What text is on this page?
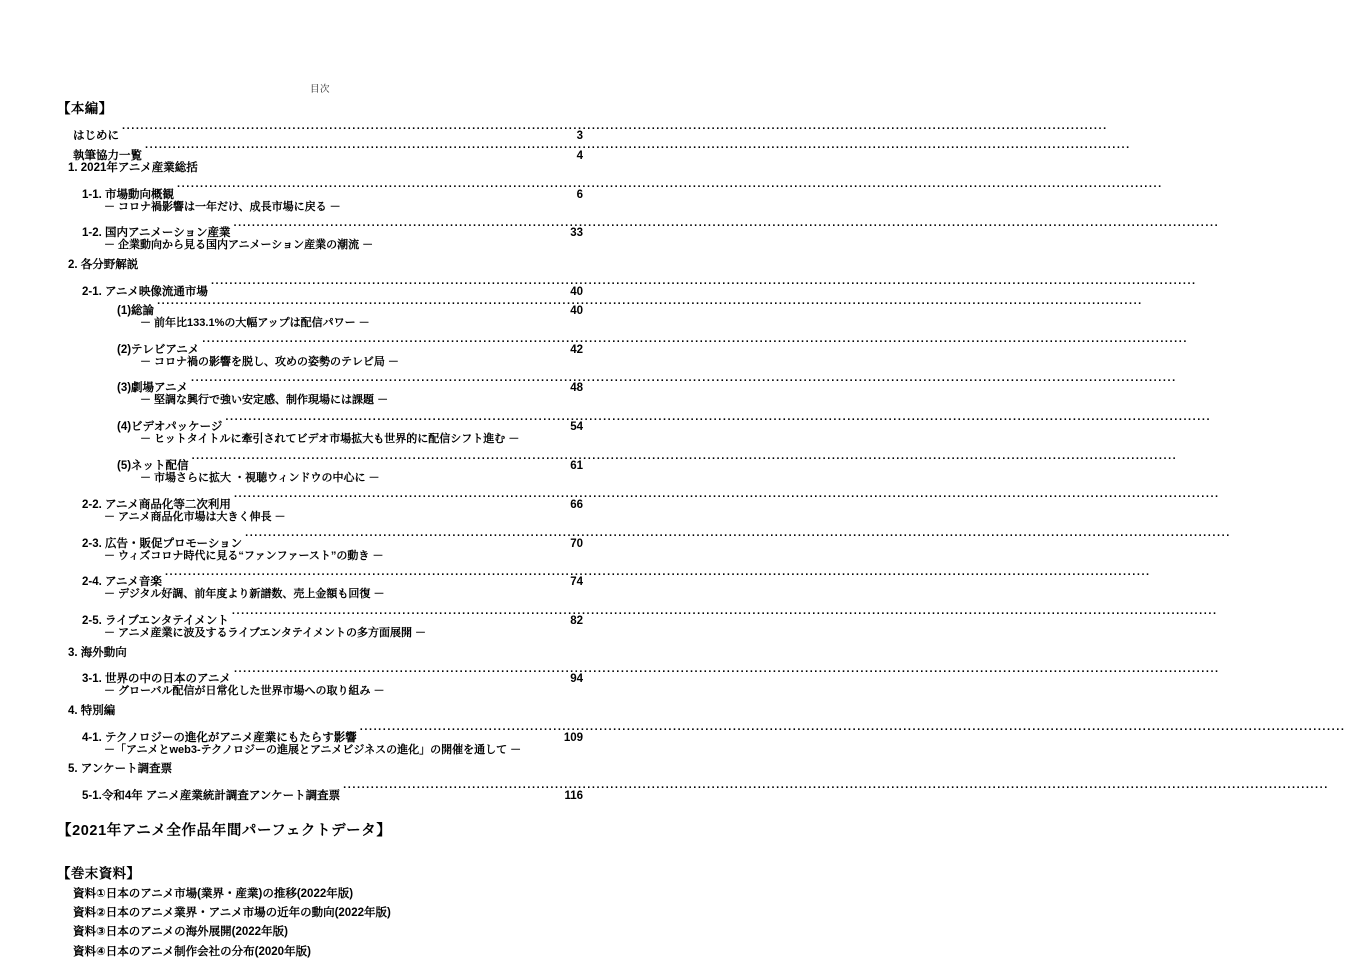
目次
【本編】
はじめに .....	3
執筆協力一覧 .....	4
1. 2021年アニメ産業総括
1-1. 市場動向概観 .....	6
－ コロナ禍影響は一年だけ、成長市場に戻る －
1-2. 国内アニメーション産業 .....	33
－ 企業動向から見る国内アニメーション産業の潮流 －
2. 各分野解説
2-1. アニメ映像流通市場 .....	40
(1)総論 .....	40
－ 前年比133.1%の大幅アップは配信パワー －
(2)テレビアニメ .....	42
－ コロナ禍の影響を脱し、攻めの姿勢のテレビ局 －
(3)劇場アニメ .....	48
－ 堅調な興行で強い安定感、制作現場には課題 －
(4)ビデオパッケージ .....	54
－ ヒットタイトルに牽引されてビデオ市場拡大も世界的に配信シフト進む －
(5)ネット配信 .....	61
－ 市場さらに拡大 ・視聴ウィンドウの中心に －
2-2. アニメ商品化等二次利用 .....	66
－ アニメ商品化市場は大きく伸長 －
2-3. 広告・販促プロモーション .....	70
－ ウィズコロナ時代に見る“ファンファースト”の動き －
2-4. アニメ音楽 .....	74
－ デジタル好調、前年度より新譜数、売上金額も回復 －
2-5. ライブエンタテイメント .....	82
－ アニメ産業に波及するライブエンタテイメントの多方面展開 －
3. 海外動向
3-1. 世界の中の日本のアニメ .....	94
－ グローバル配信が日常化した世界市場への取り組み －
4. 特別編
4-1. テクノロジーの進化がアニメ産業にもたらす影響 .....	109
－「アニメとweb3-テクノロジーの進展とアニメビジネスの進化」の開催を通して －
5. アンケート調査票
5-1.令和4年 アニメ産業統計調査アンケート調査票 .....	116
【2021年アニメ全作品年間パーフェクトデータ】
【巻末資料】
資料①日本のアニメ市場(業界・産業)の推移(2022年版)
資料②日本のアニメ業界・アニメ市場の近年の動向(2022年版)
資料③日本のアニメの海外展開(2022年版)
資料④日本のアニメ制作会社の分布(2020年版)
